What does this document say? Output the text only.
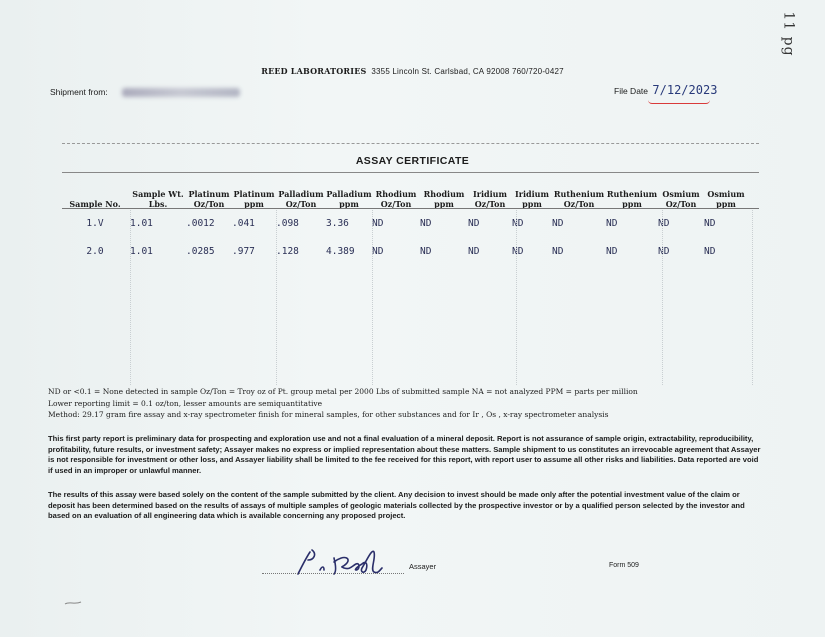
11 pg
REED LABORATORIES 3355 Lincoln St. Carlsbad, CA 92008 760/720-0427
Shipment from:	File Date 7/12/2023
ASSAY CERTIFICATE
Sample No.	Sample Wt. Lbs.	Platinum Oz/Ton	Platinum ppm	Palladium Oz/Ton	Palladium ppm	Rhodium Oz/Ton	Rhodium ppm	Iridium Oz/Ton	Iridium ppm	Ruthenium Oz/Ton	Ruthenium ppm	Osmium Oz/Ton	Osmium ppm
1.V	1.01	.0012	.041	.098	3.36	ND	ND	ND	ND	ND	ND	ND	ND
2.0	1.01	.0285	.977	.128	4.389	ND	ND	ND	ND	ND	ND	ND	ND
ND or <0.1 = None detected in sample Oz/Ton = Troy oz of Pt. group metal per 2000 Lbs of submitted sample NA = not analyzed PPM = parts per million
Lower reporting limit = 0.1 oz/ton, lesser amounts are semiquantitative
Method: 29.17 gram fire assay and x-ray spectrometer finish for mineral samples, for other substances and for Ir , Os , x-ray spectrometer analysis
This first party report is preliminary data for prospecting and exploration use and not a final evaluation of a mineral deposit. Report is not assurance of sample origin, extractability, reproducibility, profitability, future results, or investment safety; Assayer makes no express or implied representation about these matters. Sample shipment to us constitutes an irrevocable agreement that Assayer is not responsible for investment or other loss, and Assayer liability shall be limited to the fee received for this report, with report user to assume all other risks and liabilities. Data reported are void if used in an improper or unlawful manner.
The results of this assay were based solely on the content of the sample submitted by the client. Any decision to invest should be made only after the potential investment value of the claim or deposit has been determined based on the results of assays of multiple samples of geologic materials collected by the prospective investor or by a qualified person selected by the investor and based on an evaluation of all engineering data which is available concerning any proposed project.
Assayer	Form 509
